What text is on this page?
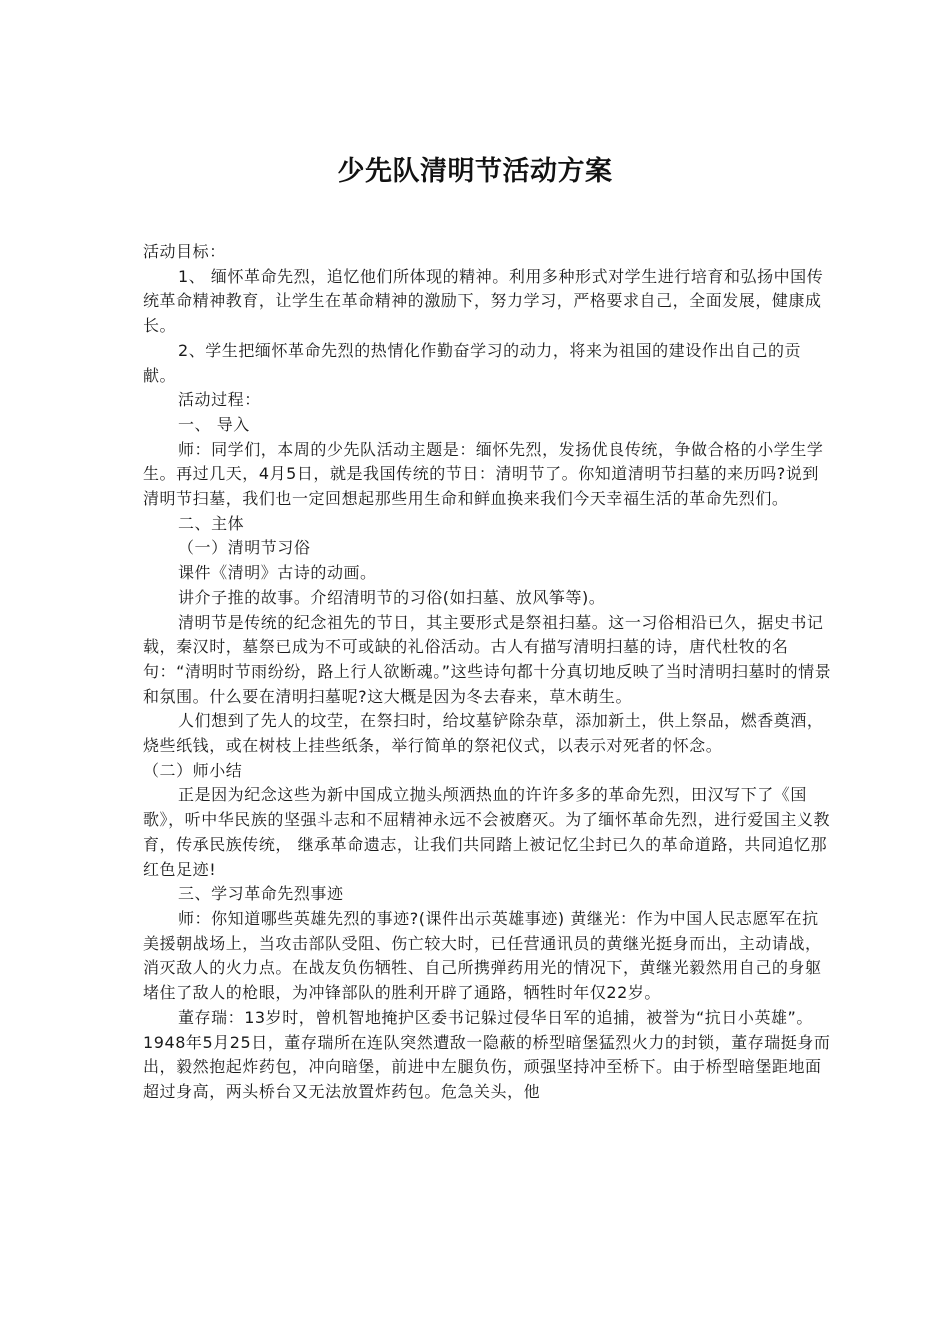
少先队清明节活动方案

活动目标：

1、 缅怀革命先烈，追忆他们所体现的精神。利用多种形式对学生进行培育和弘扬中国传统革命精神教育，让学生在革命精神的激励下，努力学习，严格要求自己，全面发展，健康成长。

2、学生把缅怀革命先烈的热情化作勤奋学习的动力，将来为祖国的建设作出自己的贡献。

活动过程：

一、 导入

师：同学们，本周的少先队活动主题是：缅怀先烈，发扬优良传统，争做合格的小学生学生。再过几天，4月5日，就是我国传统的节日：清明节了。你知道清明节扫墓的来历吗?说到清明节扫墓，我们也一定回想起那些用生命和鲜血换来我们今天幸福生活的革命先烈们。

二、主体

（一）清明节习俗

课件《清明》古诗的动画。

讲介子推的故事。介绍清明节的习俗(如扫墓、放风筝等)。

清明节是传统的纪念祖先的节日，其主要形式是祭祖扫墓。这一习俗相沿已久，据史书记载，秦汉时，墓祭已成为不可或缺的礼俗活动。古人有描写清明扫墓的诗，唐代杜牧的名句：“清明时节雨纷纷，路上行人欲断魂。”这些诗句都十分真切地反映了当时清明扫墓时的情景和氛围。什么要在清明扫墓呢?这大概是因为冬去春来，草木萌生。

人们想到了先人的坟茔，在祭扫时，给坟墓铲除杂草，添加新土，供上祭品，燃香奠酒，烧些纸钱，或在树枝上挂些纸条，举行简单的祭祀仪式，以表示对死者的怀念。

（二）师小结

正是因为纪念这些为新中国成立抛头颅洒热血的许许多多的革命先烈，田汉写下了《国歌》，听中华民族的坚强斗志和不屈精神永远不会被磨灭。为了缅怀革命先烈，进行爱国主义教育，传承民族传统， 继承革命遗志，让我们共同踏上被记忆尘封已久的革命道路，共同追忆那红色足迹!

三、学习革命先烈事迹

师：你知道哪些英雄先烈的事迹?(课件出示英雄事迹) 黄继光：作为中国人民志愿军在抗美援朝战场上，当攻击部队受阻、伤亡较大时，已任营通讯员的黄继光挺身而出，主动请战，消灭敌人的火力点。在战友负伤牺牲、自己所携弹药用光的情况下，黄继光毅然用自己的身躯堵住了敌人的枪眼，为冲锋部队的胜利开辟了通路，牺牲时年仅22岁。

董存瑞：13岁时，曾机智地掩护区委书记躲过侵华日军的追捕，被誉为“抗日小英雄”。1948年5月25日，董存瑞所在连队突然遭敌一隐蔽的桥型暗堡猛烈火力的封锁，董存瑞挺身而出，毅然抱起炸药包，冲向暗堡，前进中左腿负伤，顽强坚持冲至桥下。由于桥型暗堡距地面超过身高，两头桥台又无法放置炸药包。危急关头，他
